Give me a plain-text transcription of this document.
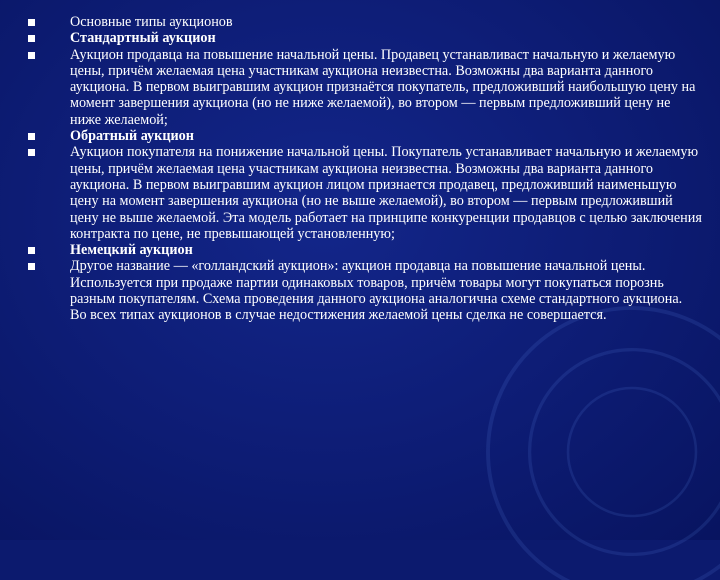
Основные типы аукционов
Стандартный аукцион
Аукцион продавца на повышение начальной цены. Продавец устанавливаст начальную и желаемую цены, причём желаемая цена участникам аукциона неизвестна. Возможны два варианта данного аукциона. В первом выигравшим аукцион признаётся покупатель, предложивший наибольшую цену на момент завершения аукциона (но не ниже желаемой), во втором — первым предложивший цену не ниже желаемой;
Обратный аукцион
Аукцион покупателя на понижение начальной цены. Покупатель устанавливает начальную и желаемую цены, причём желаемая цена участникам аукциона неизвестна. Возможны два варианта данного аукциона. В первом выигравшим аукцион лицом признается продавец, предложивший наименьшую цену на момент завершения аукциона (но не выше желаемой), во втором — первым предложивший цену не выше желаемой. Эта модель работает на принципе конкуренции продавцов с целью заключения контракта по цене, не превышающей установленную;
Немецкий аукцион
Другое название — «голландский аукцион»: аукцион продавца на повышение начальной цены. Используется при продаже партии одинаковых товаров, причём товары могут покупаться порознь разным покупателям. Схема проведения данного аукциона аналогична схеме стандартного аукциона. Во всех типах аукционов в случае недостижения желаемой цены сделка не совершается.
